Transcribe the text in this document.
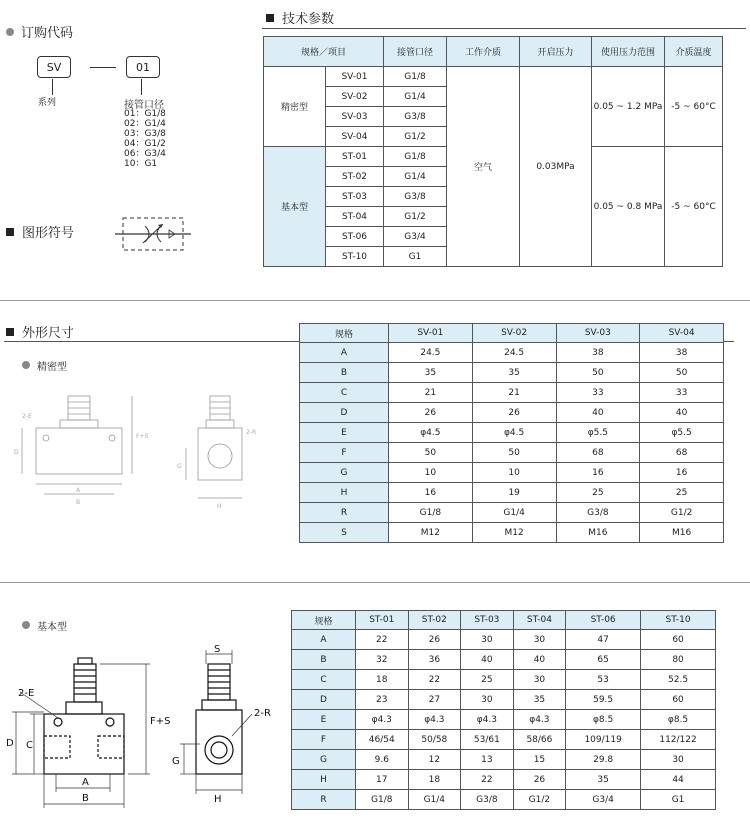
订购代码
SV	01
系列	接管口径
01：G1/8
02：G1/4
03：G3/8
04：G1/2
06：G3/4
10：G1
图形符号
技术参数
规格／项目		接管口径	工作介质	开启压力	使用压力范围	介质温度
精密型	SV-01	G1/8	空气	0.03MPa	0.05 ~ 1.2 MPa	-5 ~ 60°C
	SV-02	G1/4				
	SV-03	G3/8				
	SV-04	G1/2				
基本型	ST-01	G1/8			0.05 ~ 0.8 MPa	-5 ~ 60°C
	ST-02	G1/4				
	ST-03	G3/8				
	ST-04	G1/2				
	ST-06	G3/4				
	ST-10	G1				
外形尺寸
精密型
2-E
A
B
D
F+S
2-R
H
G
规格	SV-01	SV-02	SV-03	SV-04
A	24.5	24.5	38	38
B	35	35	50	50
C	21	21	33	33
D	26	26	40	40
E	φ4.5	φ4.5	φ5.5	φ5.5
F	50	50	68	68
G	10	10	16	16
H	16	19	25	25
R	G1/8	G1/4	G3/8	G1/2
S	M12	M12	M16	M16
基本型
2-E
A
B
C
D
F+S
S
2-R
G
H
规格	ST-01	ST-02	ST-03	ST-04	ST-06	ST-10
A	22	26	30	30	47	60
B	32	36	40	40	65	80
C	18	22	25	30	53	52.5
D	23	27	30	35	59.5	60
E	φ4.3	φ4.3	φ4.3	φ4.3	φ8.5	φ8.5
F	46/54	50/58	53/61	58/66	109/119	112/122
G	9.6	12	13	15	29.8	30
H	17	18	22	26	35	44
R	G1/8	G1/4	G3/8	G1/2	G3/4	G1
